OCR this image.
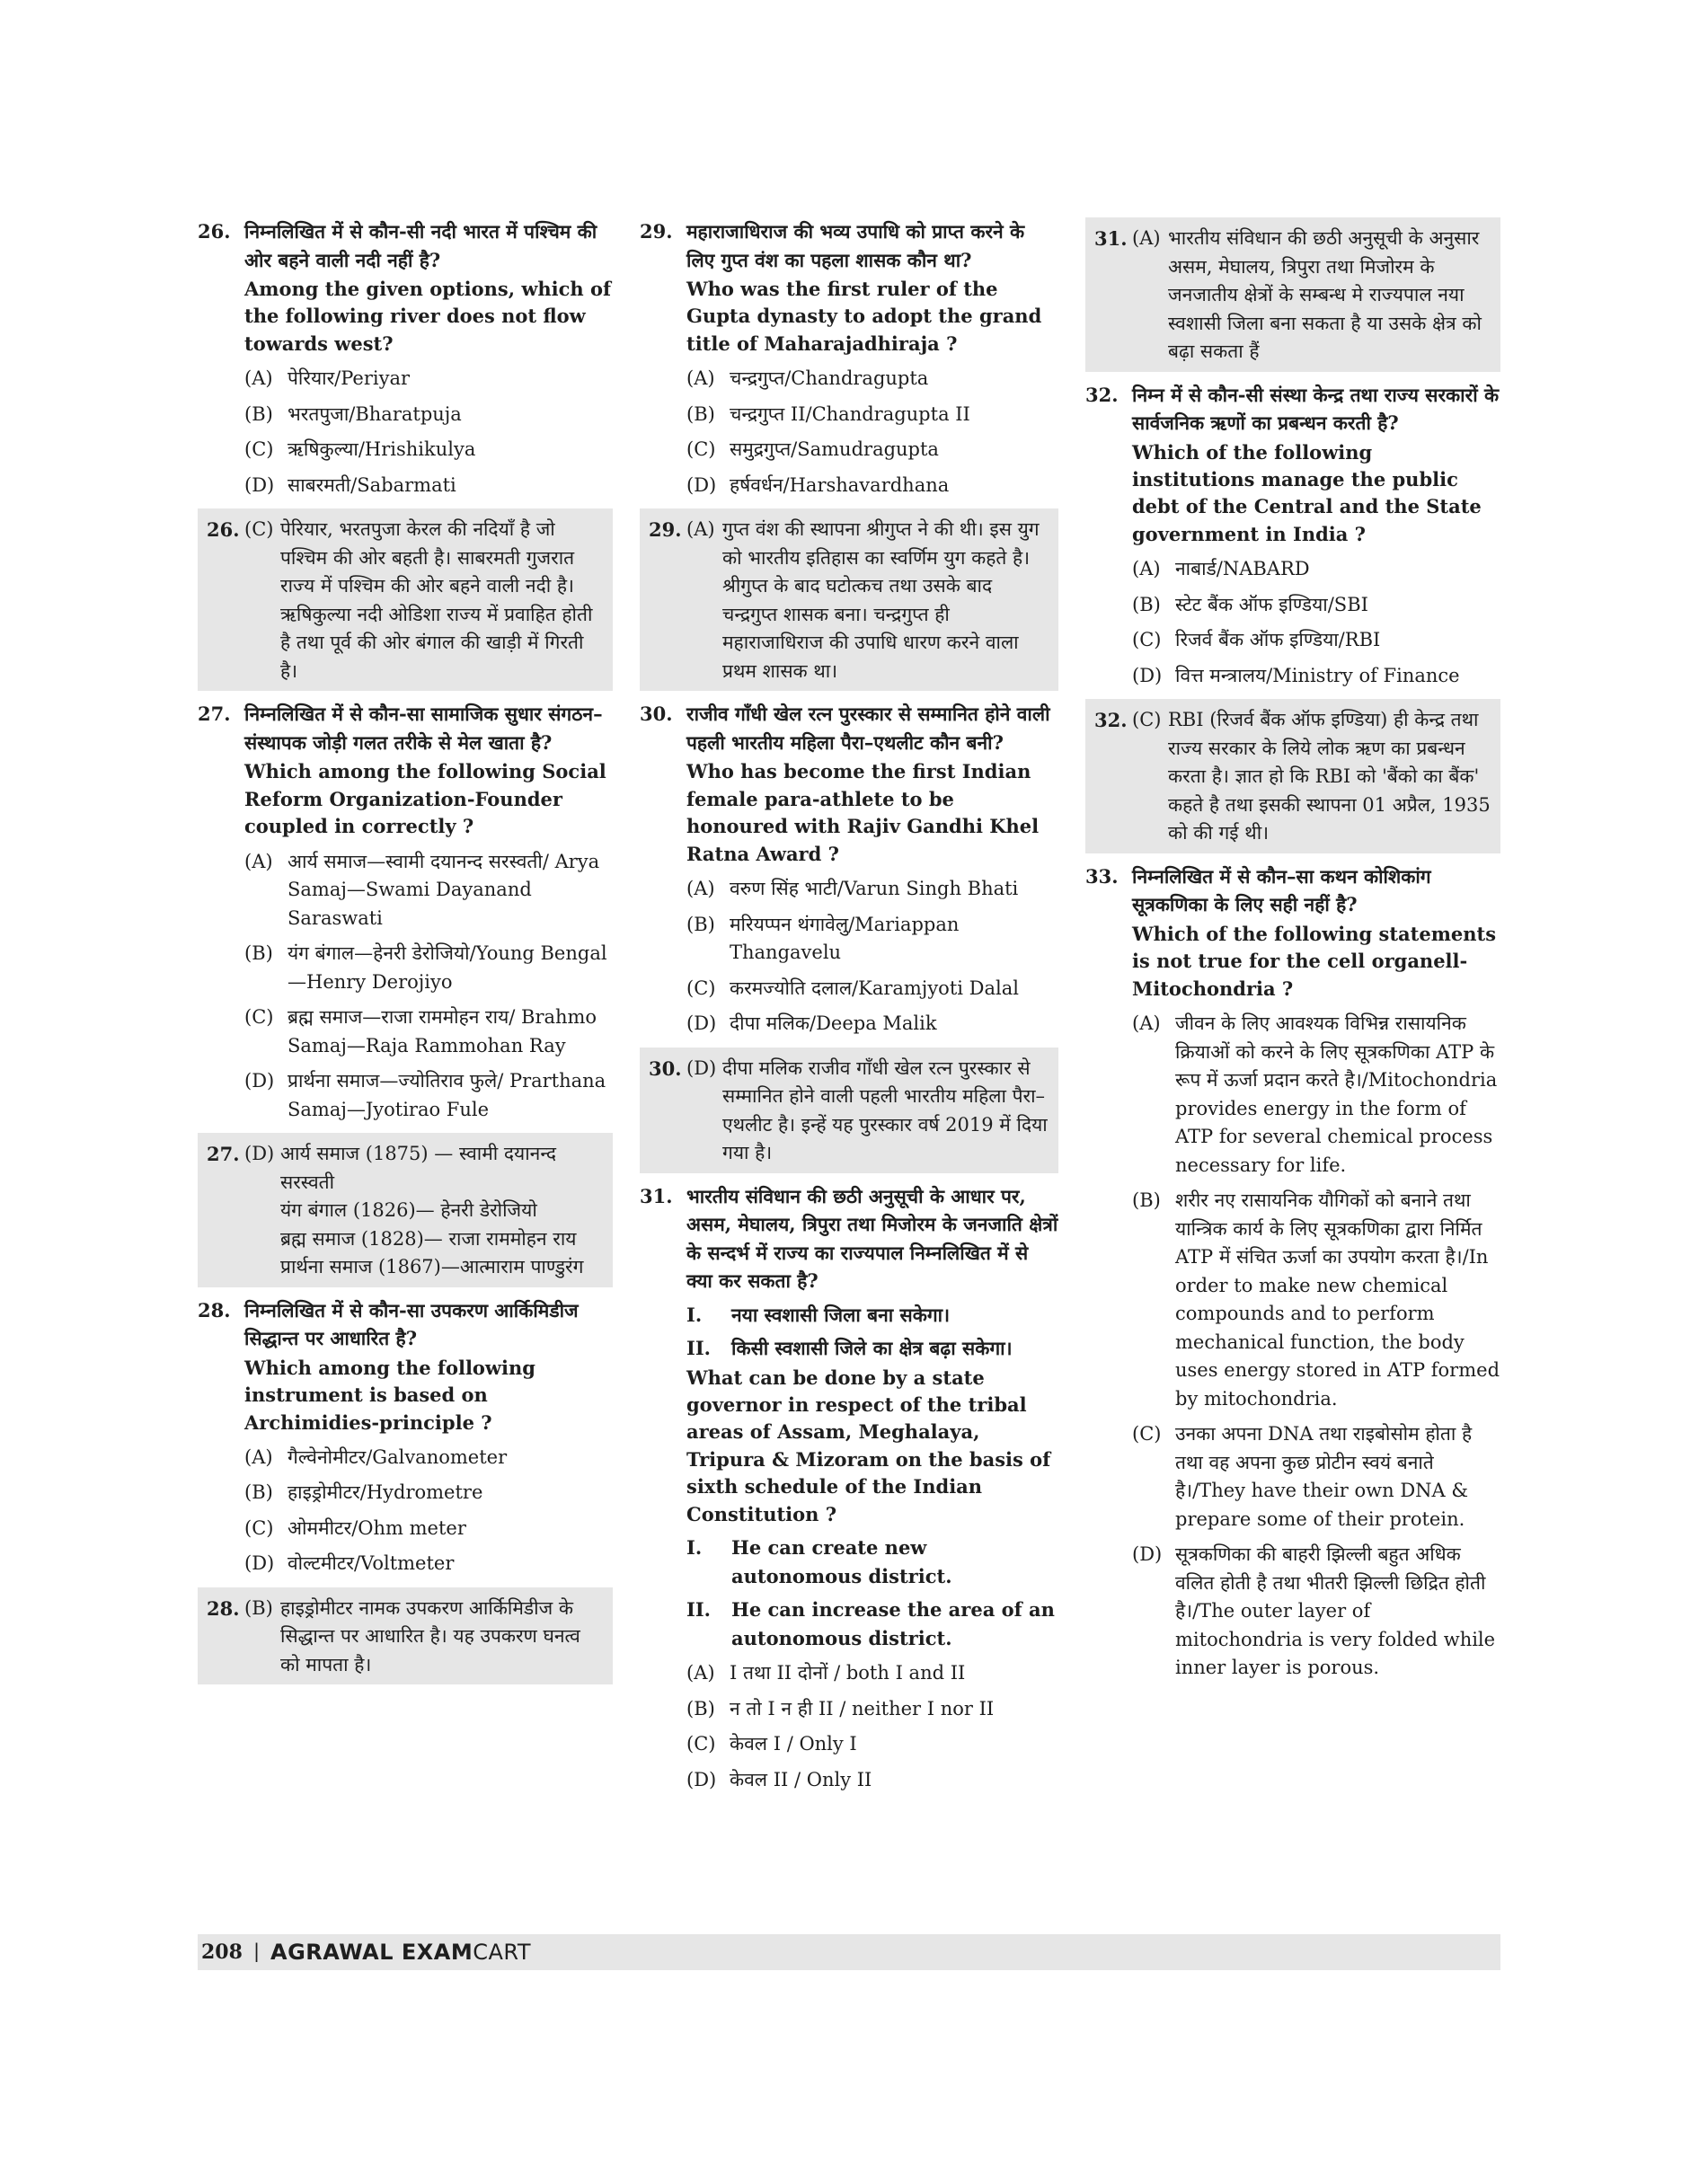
26. निम्नलिखित में से कौन-सी नदी भारत में पश्चिम की ओर बहने वाली नदी नहीं है?
Among the given options, which of the following river does not flow towards west?
(A) पेरियार/Periyar
(B) भरतपुजा/Bharatpuja
(C) ऋषिकुल्या/Hrishikulya
(D) साबरमती/Sabarmati
26. (C) पेरियार, भरतपुजा केरल की नदियाँ है जो पश्चिम की ओर बहती है। साबरमती गुजरात राज्य में पश्चिम की ओर बहने वाली नदी है। ऋषिकुल्या नदी ओडिशा राज्य में प्रवाहित होती है तथा पूर्व की ओर बंगाल की खाड़ी में गिरती है।
27. निम्नलिखित में से कौन-सा सामाजिक सुधार संगठन–संस्थापक जोड़ी गलत तरीके से मेल खाता है?
Which among the following Social Reform Organization-Founder coupled in correctly ?
(A) आर्य समाज—स्वामी दयानन्द सरस्वती/ Arya Samaj—Swami Dayanand Saraswati
(B) यंग बंगाल—हेनरी डेरोजियो/Young Bengal—Henry Derojiyo
(C) ब्रह्म समाज—राजा राममोहन राय/ Brahmo Samaj—Raja Rammohan Ray
(D) प्रार्थना समाज—ज्योतिराव फुले/ Prarthana Samaj—Jyotirao Fule
27. (D) आर्य समाज (1875) — स्वामी दयानन्द सरस्वती

यंग बंगाल (1826)— हेनरी डेरोजियो

ब्रह्म समाज (1828)— राजा राममोहन राय

प्रार्थना समाज (1867)—आत्माराम पाण्डुरंग

28. निम्नलिखित में से कौन-सा उपकरण आर्किमिडीज सिद्धान्त पर आधारित है?
Which among the following instrument is based on Archimidies-principle ?
(A) गैल्वेनोमीटर/Galvanometer
(B) हाइड्रोमीटर/Hydrometre
(C) ओममीटर/Ohm meter
(D) वोल्टमीटर/Voltmeter
28. (B) हाइड्रोमीटर नामक उपकरण आर्किमिडीज के सिद्धान्त पर आधारित है। यह उपकरण घनत्व को मापता है।
29. महाराजाधिराज की भव्य उपाधि को प्राप्त करने के लिए गुप्त वंश का पहला शासक कौन था?
Who was the first ruler of the Gupta dynasty to adopt the grand title of Maharajadhiraja ?
(A) चन्द्रगुप्त/Chandragupta
(B) चन्द्रगुप्त II/Chandragupta II
(C) समुद्रगुप्त/Samudragupta
(D) हर्षवर्धन/Harshavardhana
29. (A) गुप्त वंश की स्थापना श्रीगुप्त ने की थी। इस युग को भारतीय इतिहास का स्वर्णिम युग कहते है। श्रीगुप्त के बाद घटोत्कच तथा उसके बाद चन्द्रगुप्त शासक बना। चन्द्रगुप्त ही महाराजाधिराज की उपाधि धारण करने वाला प्रथम शासक था।
30. राजीव गाँधी खेल रत्न पुरस्कार से सम्मानित होने वाली पहली भारतीय महिला पैरा–एथलीट कौन बनी?
Who has become the first Indian female para-athlete to be honoured with Rajiv Gandhi Khel Ratna Award ?
(A) वरुण सिंह भाटी/Varun Singh Bhati
(B) मरियप्पन थंगावेलु/Mariappan Thangavelu
(C) करमज्योति दलाल/Karamjyoti Dalal
(D) दीपा मलिक/Deepa Malik
30. (D) दीपा मलिक राजीव गाँधी खेल रत्न पुरस्कार से सम्मानित होने वाली पहली भारतीय महिला पैरा–एथलीट है। इन्हें यह पुरस्कार वर्ष 2019 में दिया गया है।
31. भारतीय संविधान की छठी अनुसूची के आधार पर, असम, मेघालय, त्रिपुरा तथा मिजोरम के जनजाति क्षेत्रों के सन्दर्भ में राज्य का राज्यपाल निम्नलिखित में से क्या कर सकता है?
I.	नया स्वशासी जिला बना सकेगा।
II.	किसी स्वशासी जिले का क्षेत्र बढ़ा सकेगा।
What can be done by a state governor in respect of the tribal areas of Assam, Meghalaya, Tripura & Mizoram on the basis of sixth schedule of the Indian Constitution ?
I.	He can create new autonomous district.
II.	He can increase the area of an autonomous district.
(A) I तथा II दोनों / both I and II
(B) न तो I न ही II / neither I nor II
(C) केवल I / Only I
(D) केवल II / Only II
31. (A) भारतीय संविधान की छठी अनुसूची के अनुसार असम, मेघालय, त्रिपुरा तथा मिजोरम के जनजातीय क्षेत्रों के सम्बन्ध मे राज्यपाल नया स्वशासी जिला बना सकता है या उसके क्षेत्र को बढ़ा सकता हैं
32. निम्न में से कौन-सी संस्था केन्द्र तथा राज्य सरकारों के सार्वजनिक ऋणों का प्रबन्धन करती है?
Which of the following institutions manage the public debt of the Central and the State government in India ?
(A) नाबार्ड/NABARD
(B) स्टेट बैंक ऑफ इण्डिया/SBI
(C) रिजर्व बैंक ऑफ इण्डिया/RBI
(D) वित्त मन्त्रालय/Ministry of Finance
32. (C) RBI (रिजर्व बैंक ऑफ इण्डिया) ही केन्द्र तथा राज्य सरकार के लिये लोक ऋण का प्रबन्धन करता है। ज्ञात हो कि RBI को 'बैंको का बैंक' कहते है तथा इसकी स्थापना 01 अप्रैल, 1935 को की गई थी।
33. निम्नलिखित में से कौन–सा कथन कोशिकांग सूत्रकणिका के लिए सही नहीं है?
Which of the following statements is not true for the cell organell-Mitochondria ?
(A) जीवन के लिए आवश्यक विभिन्न रासायनिक क्रियाओं को करने के लिए सूत्रकणिका ATP के रूप में ऊर्जा प्रदान करते है।/Mitochondria provides energy in the form of ATP for several chemical process necessary for life.
(B) शरीर नए रासायनिक यौगिकों को बनाने तथा यान्त्रिक कार्य के लिए सूत्रकणिका द्वारा निर्मित ATP में संचित ऊर्जा का उपयोग करता है।/In order to make new chemical compounds and to perform mechanical function, the body uses energy stored in ATP formed by mitochondria.
(C) उनका अपना DNA तथा राइबोसोम होता है तथा वह अपना कुछ प्रोटीन स्वयं बनाते है।/They have their own DNA & prepare some of their protein.
(D) सूत्रकणिका की बाहरी झिल्ली बहुत अधिक वलित होती है तथा भीतरी झिल्ली छिद्रित होती है।/The outer layer of mitochondria is very folded while inner layer is porous.
208 | AGRAWAL EXAMCART
